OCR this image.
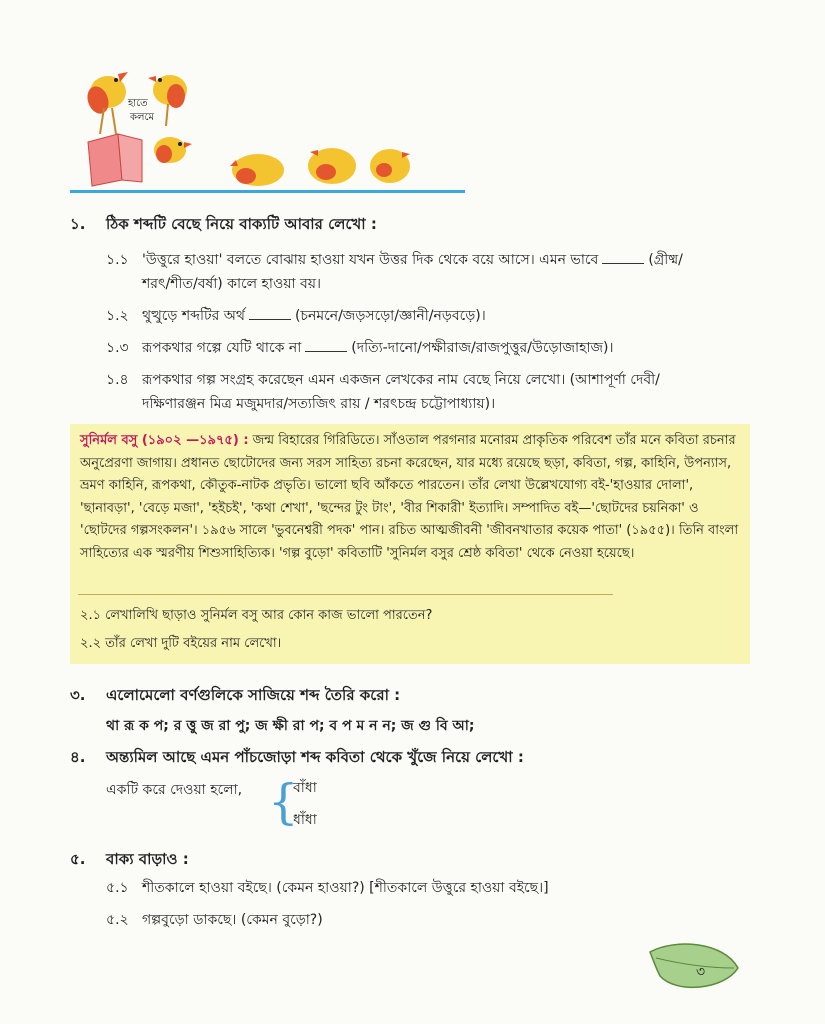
হাতে
কলমে
১. ঠিক শব্দটি বেছে নিয়ে বাক্যটি আবার লেখো :
১.১ 'উত্তুরে হাওয়া' বলতে বোঝায় হাওয়া যখন উত্তর দিক থেকে বয়ে আসে। এমন ভাবে	(গ্রীষ্ম/
শরৎ/শীত/বর্ষা) কালে হাওয়া বয়।
১.২ থুত্থুড়ে শব্দটির অর্থ	(চনমনে/জড়সড়ো/জ্ঞানী/নড়বড়ে)।
১.৩ রূপকথার গল্পে যেটি থাকে না	(দত্যি-দানো/পক্ষীরাজ/রাজপুত্তুর/উড়োজাহাজ)।
১.৪ রূপকথার গল্প সংগ্রহ করেছেন এমন একজন লেখকের নাম বেছে নিয়ে লেখো। (আশাপূর্ণা দেবী/
দক্ষিণারঞ্জন মিত্র মজুমদার/সত্যজিৎ রায় / শরৎচন্দ্র চট্টোপাধ্যায়)।
সুনির্মল বসু (১৯০২ —১৯৭৫) : জন্ম বিহারের গিরিডিতে। সাঁওতাল পরগনার মনোরম প্রাকৃতিক পরিবেশ তাঁর মনে কবিতা রচনার অনুপ্রেরণা জাগায়। প্রধানত ছোটোদের জন্য সরস সাহিত্য রচনা করেছেন, যার মধ্যে রয়েছে ছড়া, কবিতা, গল্প, কাহিনি, উপন্যাস, ভ্রমণ কাহিনি, রূপকথা, কৌতুক-নাটক প্রভৃতি। ভালো ছবি আঁকতে পারতেন। তাঁর লেখা উল্লেখযোগ্য বই-'হাওয়ার দোলা', 'ছানাবড়া', 'বেড়ে মজা', 'হইচই', 'কথা শেখা', 'ছন্দের টুং টাং', 'বীর শিকারী' ইত্যাদি। সম্পাদিত বই—'ছোটদের চয়নিকা' ও 'ছোটদের গল্পসংকলন'। ১৯৫৬ সালে 'ভুবনেশ্বরী পদক' পান। রচিত আত্মজীবনী 'জীবনখাতার কয়েক পাতা' (১৯৫৫)। তিনি বাংলা সাহিত্যের এক স্মরণীয় শিশুসাহিত্যিক। 'গল্প বুড়ো' কবিতাটি 'সুনির্মল বসুর শ্রেষ্ঠ কবিতা' থেকে নেওয়া হয়েছে।
২.১ লেখালিখি ছাড়াও সুনির্মল বসু আর কোন কাজ ভালো পারতেন?
২.২ তাঁর লেখা দুটি বইয়ের নাম লেখো।
৩. এলোমেলো বর্ণগুলিকে সাজিয়ে শব্দ তৈরি করো :
থা রূ ক প; র ত্তু জ রা পু; জ ক্ষী রা প; ব প ম ন ন; জ গু বি আ;
৪. অন্ত্যমিল আছে এমন পাঁচজোড়া শব্দ কবিতা থেকে খুঁজে নিয়ে লেখো :
একটি করে দেওয়া হলো, {
বাঁধা
ধাঁধা
৫. বাক্য বাড়াও :
৫.১ শীতকালে হাওয়া বইছে। (কেমন হাওয়া?) [শীতকালে উত্তুরে হাওয়া বইছে।]
৫.২ গল্পবুড়ো ডাকছে। (কেমন বুড়ো?)
৩
